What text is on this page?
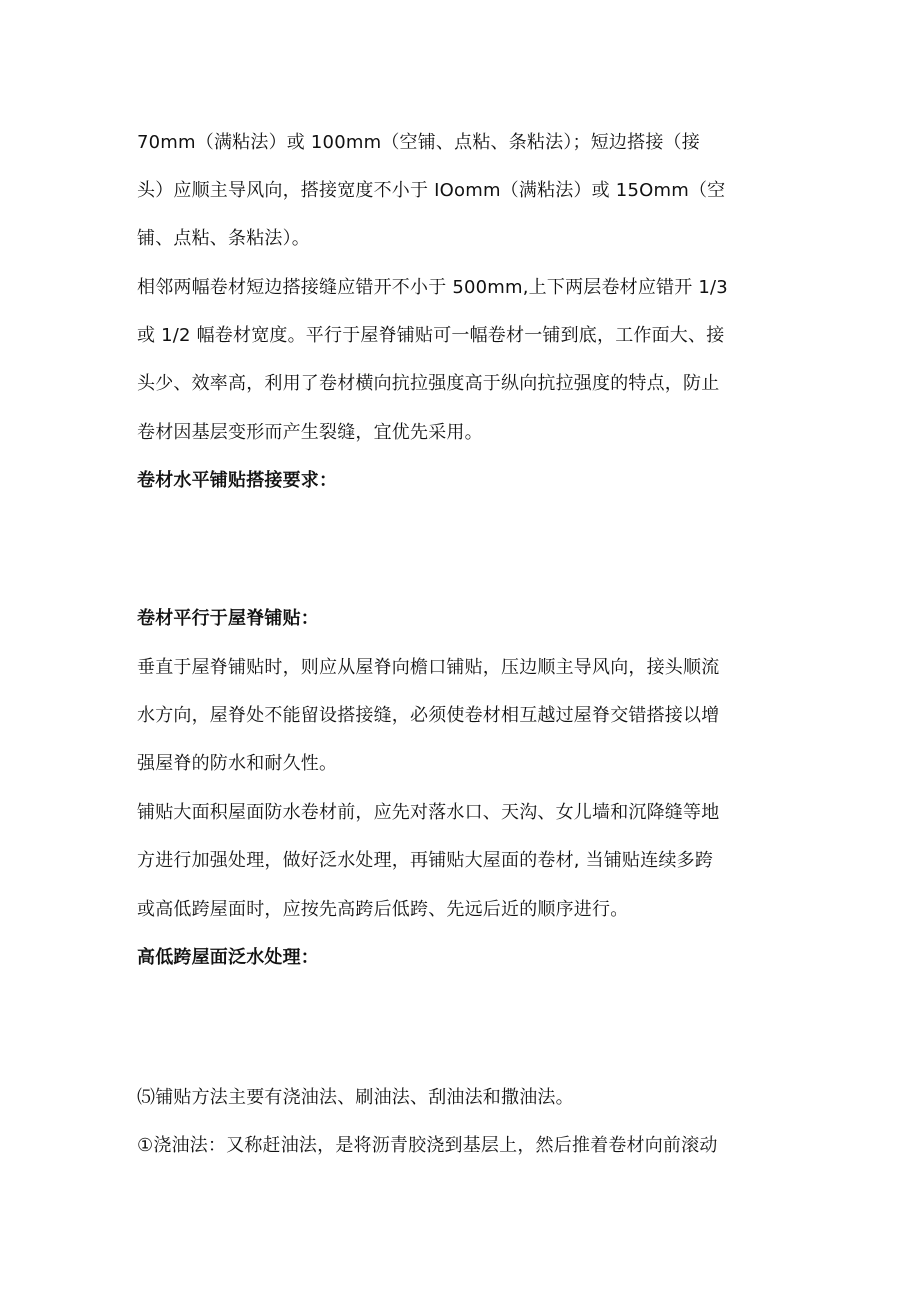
70mm（满粘法）或 100mm（空铺、点粘、条粘法）；短边搭接（接
头）应顺主导风向，搭接宽度不小于 IOomm（满粘法）或 15Omm（空
铺、点粘、条粘法）。
相邻两幅卷材短边搭接缝应错开不小于 500mm,上下两层卷材应错开 1/3
或 1/2 幅卷材宽度。平行于屋脊铺贴可一幅卷材一铺到底，工作面大、接
头少、效率高，利用了卷材横向抗拉强度高于纵向抗拉强度的特点，防止
卷材因基层变形而产生裂缝，宜优先采用。
卷材水平铺贴搭接要求：
卷材平行于屋脊铺贴：
垂直于屋脊铺贴时，则应从屋脊向檐口铺贴，压边顺主导风向，接头顺流
水方向，屋脊处不能留设搭接缝，必须使卷材相互越过屋脊交错搭接以增
强屋脊的防水和耐久性。
铺贴大面积屋面防水卷材前，应先对落水口、天沟、女儿墙和沉降缝等地
方进行加强处理，做好泛水处理，再铺贴大屋面的卷材, 当铺贴连续多跨
或高低跨屋面时，应按先高跨后低跨、先远后近的顺序进行。
高低跨屋面泛水处理：
⑸铺贴方法主要有浇油法、刷油法、刮油法和撒油法。
①浇油法：又称赶油法，是将沥青胶浇到基层上，然后推着卷材向前滚动
